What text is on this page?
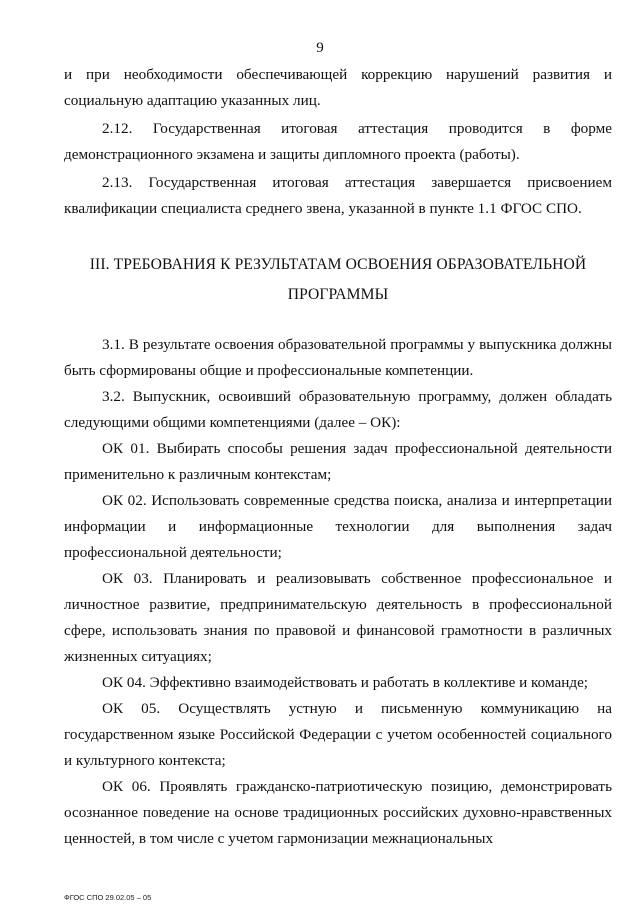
9

и при необходимости обеспечивающей коррекцию нарушений развития и социальную адаптацию указанных лиц.

2.12. Государственная итоговая аттестация проводится в форме демонстрационного экзамена и защиты дипломного проекта (работы).

2.13. Государственная итоговая аттестация завершается присвоением квалификации специалиста среднего звена, указанной в пункте 1.1 ФГОС СПО.

III. ТРЕБОВАНИЯ К РЕЗУЛЬТАТАМ ОСВОЕНИЯ ОБРАЗОВАТЕЛЬНОЙ ПРОГРАММЫ

3.1. В результате освоения образовательной программы у выпускника должны быть сформированы общие и профессиональные компетенции.

3.2. Выпускник, освоивший образовательную программу, должен обладать следующими общими компетенциями (далее – ОК):

ОК 01. Выбирать способы решения задач профессиональной деятельности применительно к различным контекстам;

ОК 02. Использовать современные средства поиска, анализа и интерпретации информации и информационные технологии для выполнения задач профессиональной деятельности;

ОК 03. Планировать и реализовывать собственное профессиональное и личностное развитие, предпринимательскую деятельность в профессиональной сфере, использовать знания по правовой и финансовой грамотности в различных жизненных ситуациях;

ОК 04. Эффективно взаимодействовать и работать в коллективе и команде;

ОК 05. Осуществлять устную и письменную коммуникацию на государственном языке Российской Федерации с учетом особенностей социального и культурного контекста;

ОК 06. Проявлять гражданско-патриотическую позицию, демонстрировать осознанное поведение на основе традиционных российских духовно-нравственных ценностей, в том числе с учетом гармонизации межнациональных

ФГОС СПО 29.02.05 – 05
